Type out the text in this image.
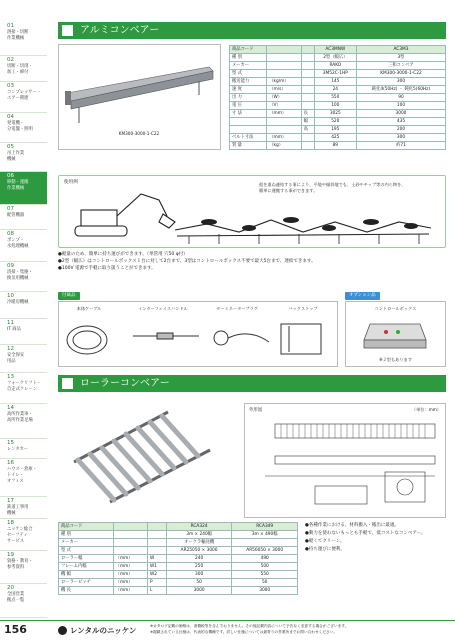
01
溶接・切断
作業機械
02
切断・切削・
加工・締付
03
コンプレッサー・
エアー関連
04
発電機・
分電盤・照明
05
吊上作業
機械
06
移動・運搬
作業機械
07
配管機器
08
ポンプ・
水処理機械
09
清掃・集塵・
換気用機械
10
冷暖房機械
11
IT 商品
12
安全保安
用品
13
フォークリフト・
自走式クレーン
14
高所作業車・
高所作業足場
15
レンタカー
16
ハウス・倉庫・
トイレ・
オフィス
17
鉄道工事用
機械
18
ニッケン総合
セーフティ
サービス
19
資格・教育・
参考資料
20
全国営業
拠点一覧
アルミコンベアー
KM300-3000-1-C22
商品コード			AC3MNW	AC3M3
種 別			2型（幅広）	3型
メーカー			RAKO	三和コンベア
型 式			3M52C-1HP	KM300-3000-1-C22
搬送能力	（kg/m）		145	300
速 度	（m/s）		24	鈍化4(50Hz) ・ 鈍化5(60Hz)
出 力	（W）		550	90
電 圧	（V）		100	100
寸 法	（mm）	長	3025	3000
		幅	520	435
		高	195	200
ベルト寸法	（mm）		425	300
質 量	（kg）		89	約71
使用例	殻を重ね連結する事により、平地や傾斜地でも、土砂やチップ等の内ら物を、
簡単に運搬する事ができます。
●軽量のため、簡単に持ち運びができます。（単管用 穴50 φ付）
●2型（幅広）はコントロールボックス１台に対して2台まで、3型はコントロールボックス不要で最大5台まで、連結できます。
●100V 電源で手軽に取り扱うことができます。
付属品	オプション品
本体ケーブル	インターフェイスハンドル	ターミネータープラグ	バックストップ	コントロールボックス
※２型もあります
ローラーコンベアー
外形図	（単位：mm）
商品コード			RCA324	RCA349
種 別			3m × 240幅	3m × 490幅
メーカー			オークラ輸送機	
型 式			AR25050 × 3000	AR50050 × 3000
ローラー幅	（mm）	W	240	490
フレーム内幅	（mm）	W1	250	500
機 幅	（mm）	W2	300	550
ローラーピッチ	（mm）	P	50	50
機 長	（mm）	L	3000	3000
●各種作業における、材料搬入・搬出に最適。
●動力を使わないもっとも手軽で、低コストなコンベアー。
●軽くてクリーン。
●持ち運びに便利。
156	レンタルのニッケン	※カタログ記載の価格は、消費税等を含んでおりません。その他記載内容について予告なく変更する場合がございます。
※掲載されている仕様は、代表的な機種です。詳しい仕様については最寄りの営業所までお問い合わせください。
